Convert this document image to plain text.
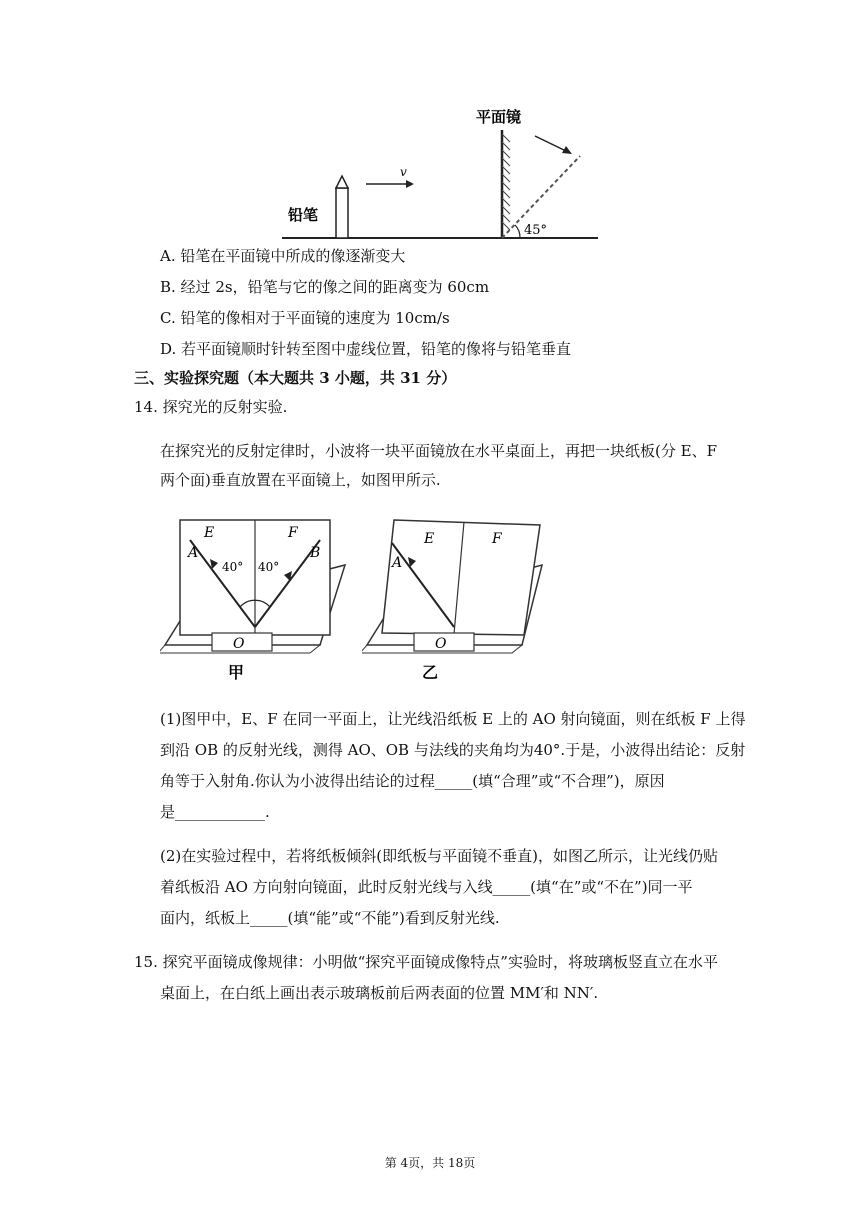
45°
铅笔
v
平面镜
A. 铅笔在平面镜中所成的像逐渐变大
B. 经过 2s，铅笔与它的像之间的距离变为 60cm
C. 铅笔的像相对于平面镜的速度为 10cm/s
D. 若平面镜顺时针转至图中虚线位置，铅笔的像将与铅笔垂直
三、实验探究题（本大题共 3 小题，共 31 分）
14. 探究光的反射实验.
在探究光的反射定律时，小波将一块平面镜放在水平桌面上，再把一块纸板(分 E、F
两个面)垂直放置在平面镜上，如图甲所示.
O
E	F
A	B
40° 40°
甲
O
E	F
A
乙
(1)图甲中，E、F 在同一平面上，让光线沿纸板 E 上的 AO 射向镜面，则在纸板 F 上得
到沿 OB 的反射光线，测得 AO、OB 与法线的夹角均为40°.于是，小波得出结论：反射
角等于入射角.你认为小波得出结论的过程_____(填“合理”或“不合理”)，原因
是____________.
(2)在实验过程中，若将纸板倾斜(即纸板与平面镜不垂直)，如图乙所示，让光线仍贴
着纸板沿 AO 方向射向镜面，此时反射光线与入线_____(填“在”或“不在”)同一平
面内，纸板上_____(填“能”或“不能”)看到反射光线.
15. 探究平面镜成像规律：小明做“探究平面镜成像特点”实验时，将玻璃板竖直立在水平
桌面上，在白纸上画出表示玻璃板前后两表面的位置 MM′和 NN′.
第 4页，共 18页
